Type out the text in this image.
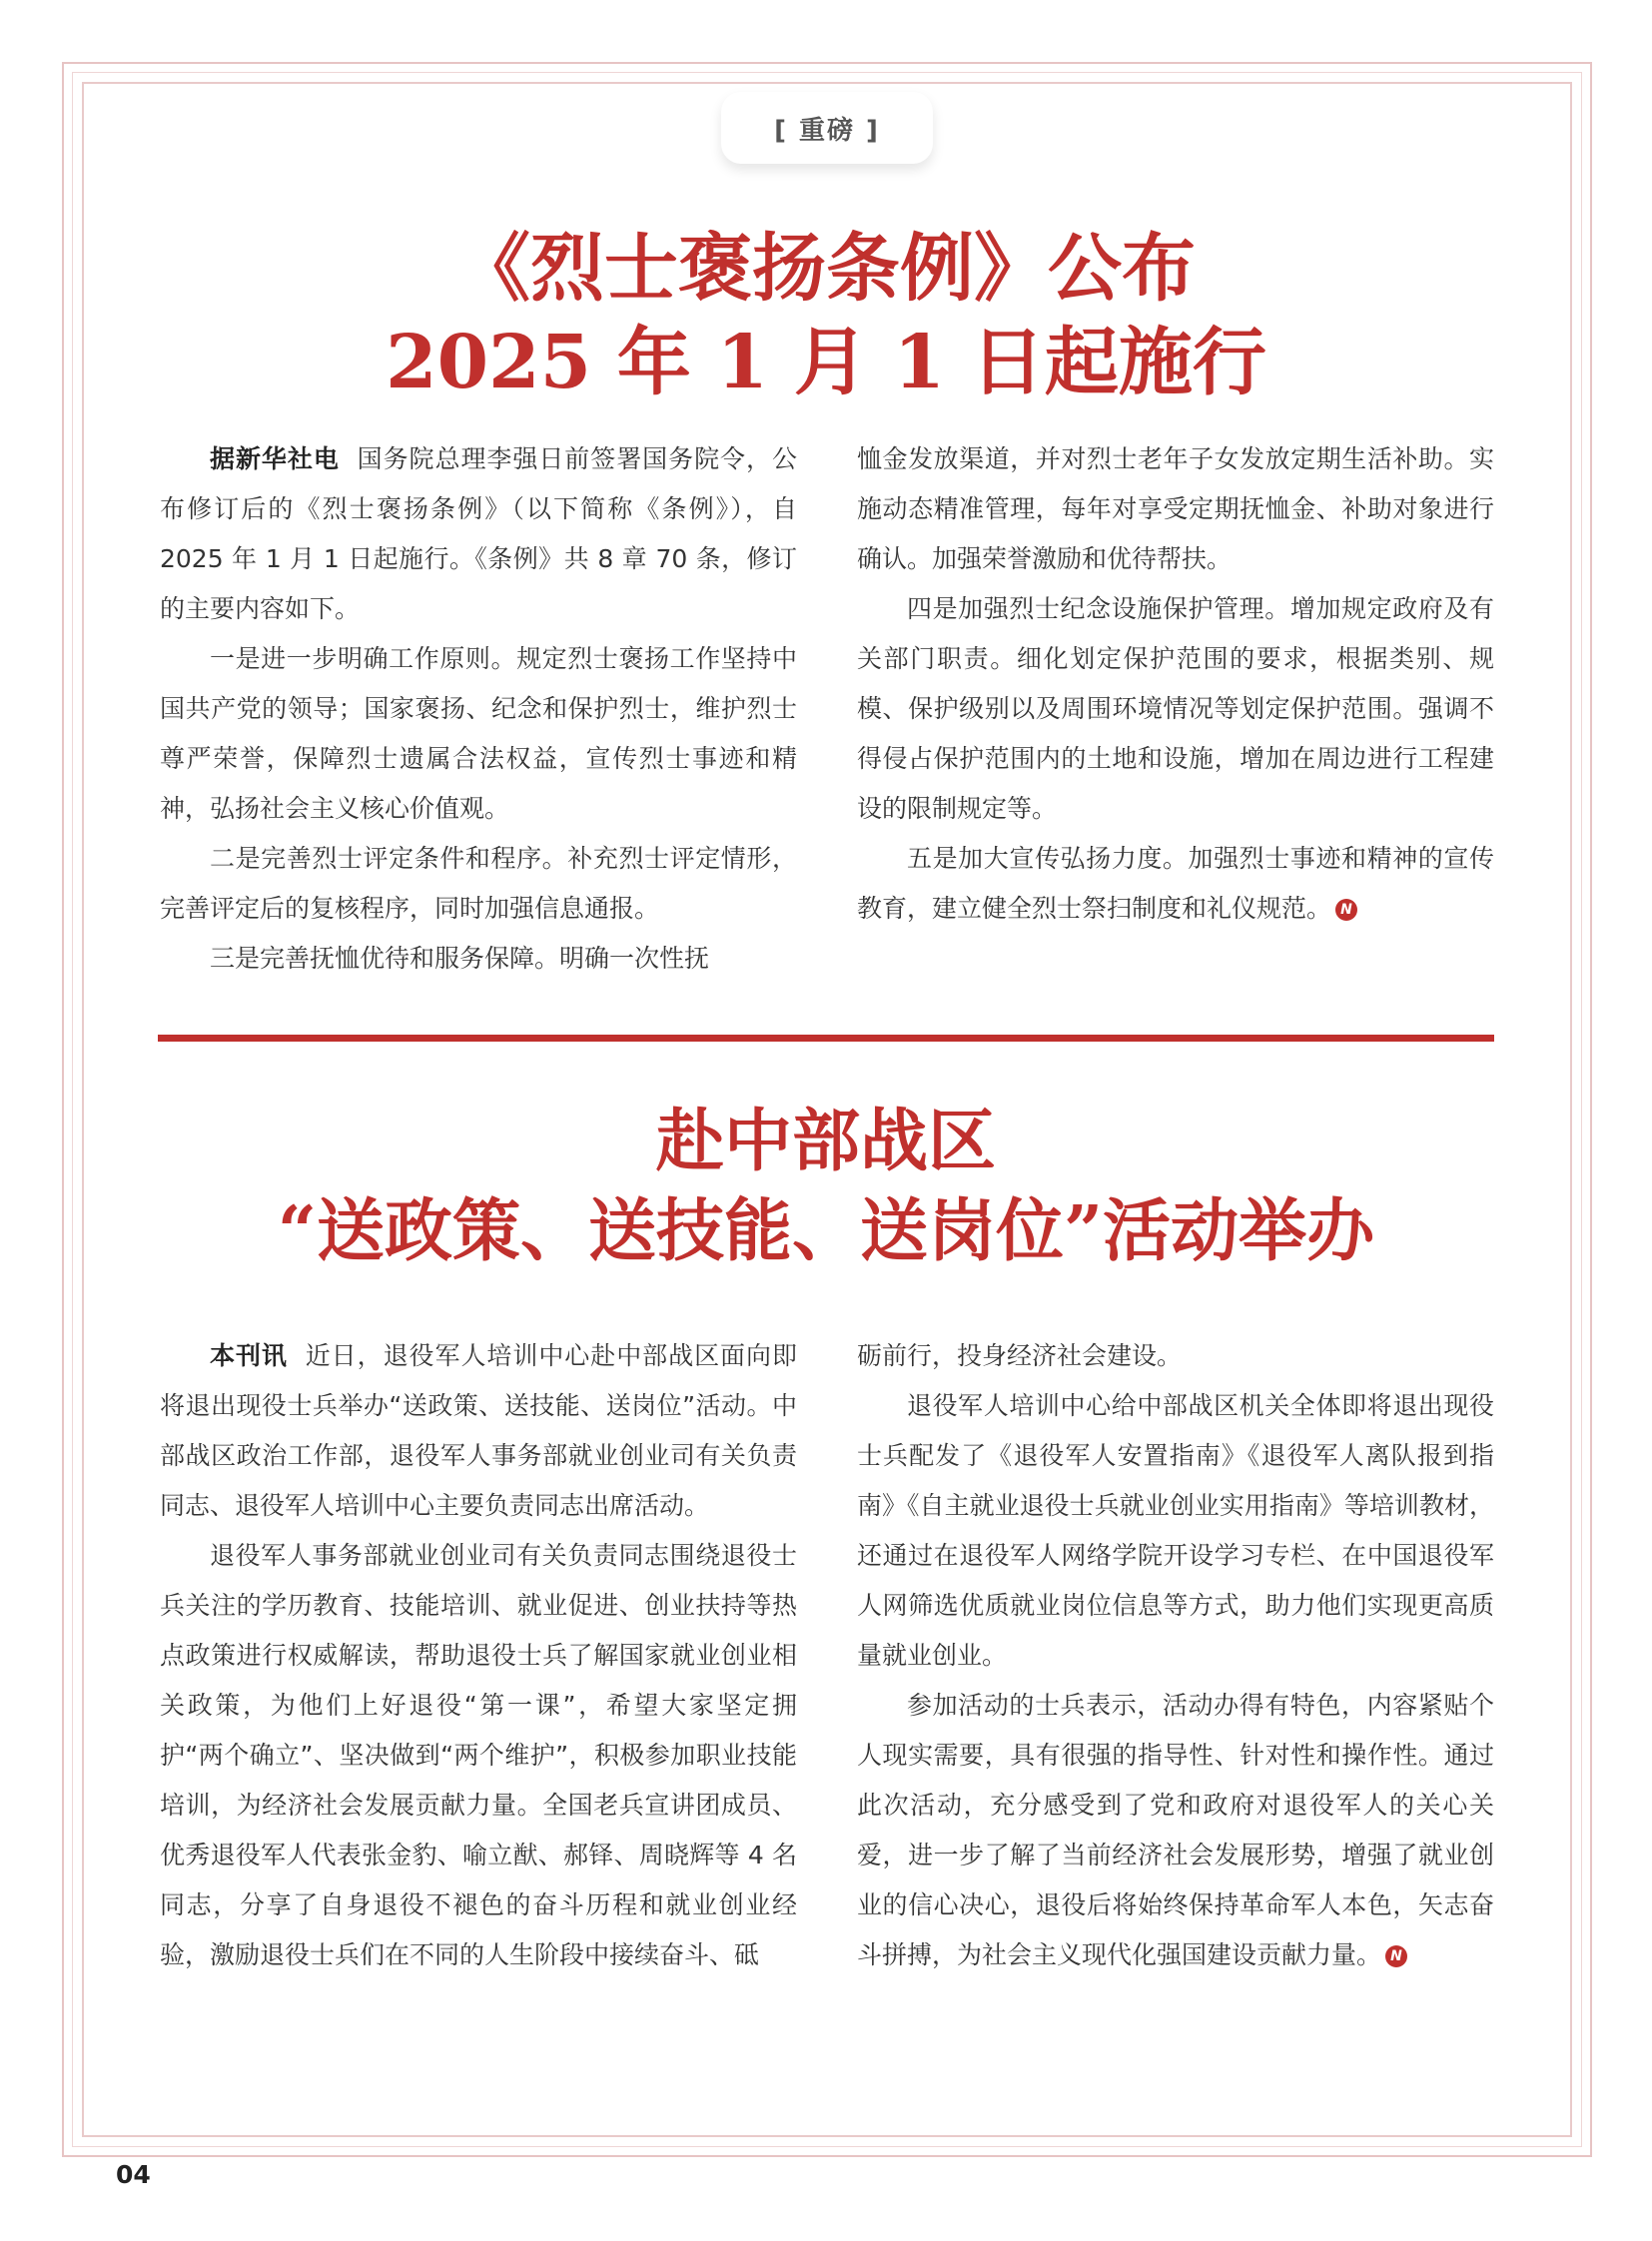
[ 重磅 ]
《烈士褒扬条例》公布
2025 年 1 月 1 日起施行

据新华社电 国务院总理李强日前签署国务院令，公布修订后的《烈士褒扬条例》（以下简称《条例》），自 2025 年 1 月 1 日起施行。《条例》共 8 章 70 条，修订的主要内容如下。

一是进一步明确工作原则。规定烈士褒扬工作坚持中国共产党的领导；国家褒扬、纪念和保护烈士，维护烈士尊严荣誉，保障烈士遗属合法权益，宣传烈士事迹和精神，弘扬社会主义核心价值观。

二是完善烈士评定条件和程序。补充烈士评定情形，完善评定后的复核程序，同时加强信息通报。

三是完善抚恤优待和服务保障。明确一次性抚

恤金发放渠道，并对烈士老年子女发放定期生活补助。实施动态精准管理，每年对享受定期抚恤金、补助对象进行确认。加强荣誉激励和优待帮扶。

四是加强烈士纪念设施保护管理。增加规定政府及有关部门职责。细化划定保护范围的要求，根据类别、规模、保护级别以及周围环境情况等划定保护范围。强调不得侵占保护范围内的土地和设施，增加在周边进行工程建设的限制规定等。

五是加大宣传弘扬力度。加强烈士事迹和精神的宣传教育，建立健全烈士祭扫制度和礼仪规范。 N

赴中部战区
“送政策、送技能、送岗位”活动举办

本刊讯 近日，退役军人培训中心赴中部战区面向即将退出现役士兵举办“送政策、送技能、送岗位”活动。中部战区政治工作部，退役军人事务部就业创业司有关负责同志、退役军人培训中心主要负责同志出席活动。

退役军人事务部就业创业司有关负责同志围绕退役士兵关注的学历教育、技能培训、就业促进、创业扶持等热点政策进行权威解读，帮助退役士兵了解国家就业创业相关政策，为他们上好退役“第一课”，希望大家坚定拥护“两个确立”、坚决做到“两个维护”，积极参加职业技能培训，为经济社会发展贡献力量。全国老兵宣讲团成员、优秀退役军人代表张金豹、喻立猷、郝铎、周晓辉等 4 名同志，分享了自身退役不褪色的奋斗历程和就业创业经验，激励退役士兵们在不同的人生阶段中接续奋斗、砥

砺前行，投身经济社会建设。

退役军人培训中心给中部战区机关全体即将退出现役士兵配发了《退役军人安置指南》《退役军人离队报到指南》《自主就业退役士兵就业创业实用指南》等培训教材，还通过在退役军人网络学院开设学习专栏、在中国退役军人网筛选优质就业岗位信息等方式，助力他们实现更高质量就业创业。

参加活动的士兵表示，活动办得有特色，内容紧贴个人现实需要，具有很强的指导性、针对性和操作性。通过此次活动，充分感受到了党和政府对退役军人的关心关爱，进一步了解了当前经济社会发展形势，增强了就业创业的信心决心，退役后将始终保持革命军人本色，矢志奋斗拼搏，为社会主义现代化强国建设贡献力量。 N

04
